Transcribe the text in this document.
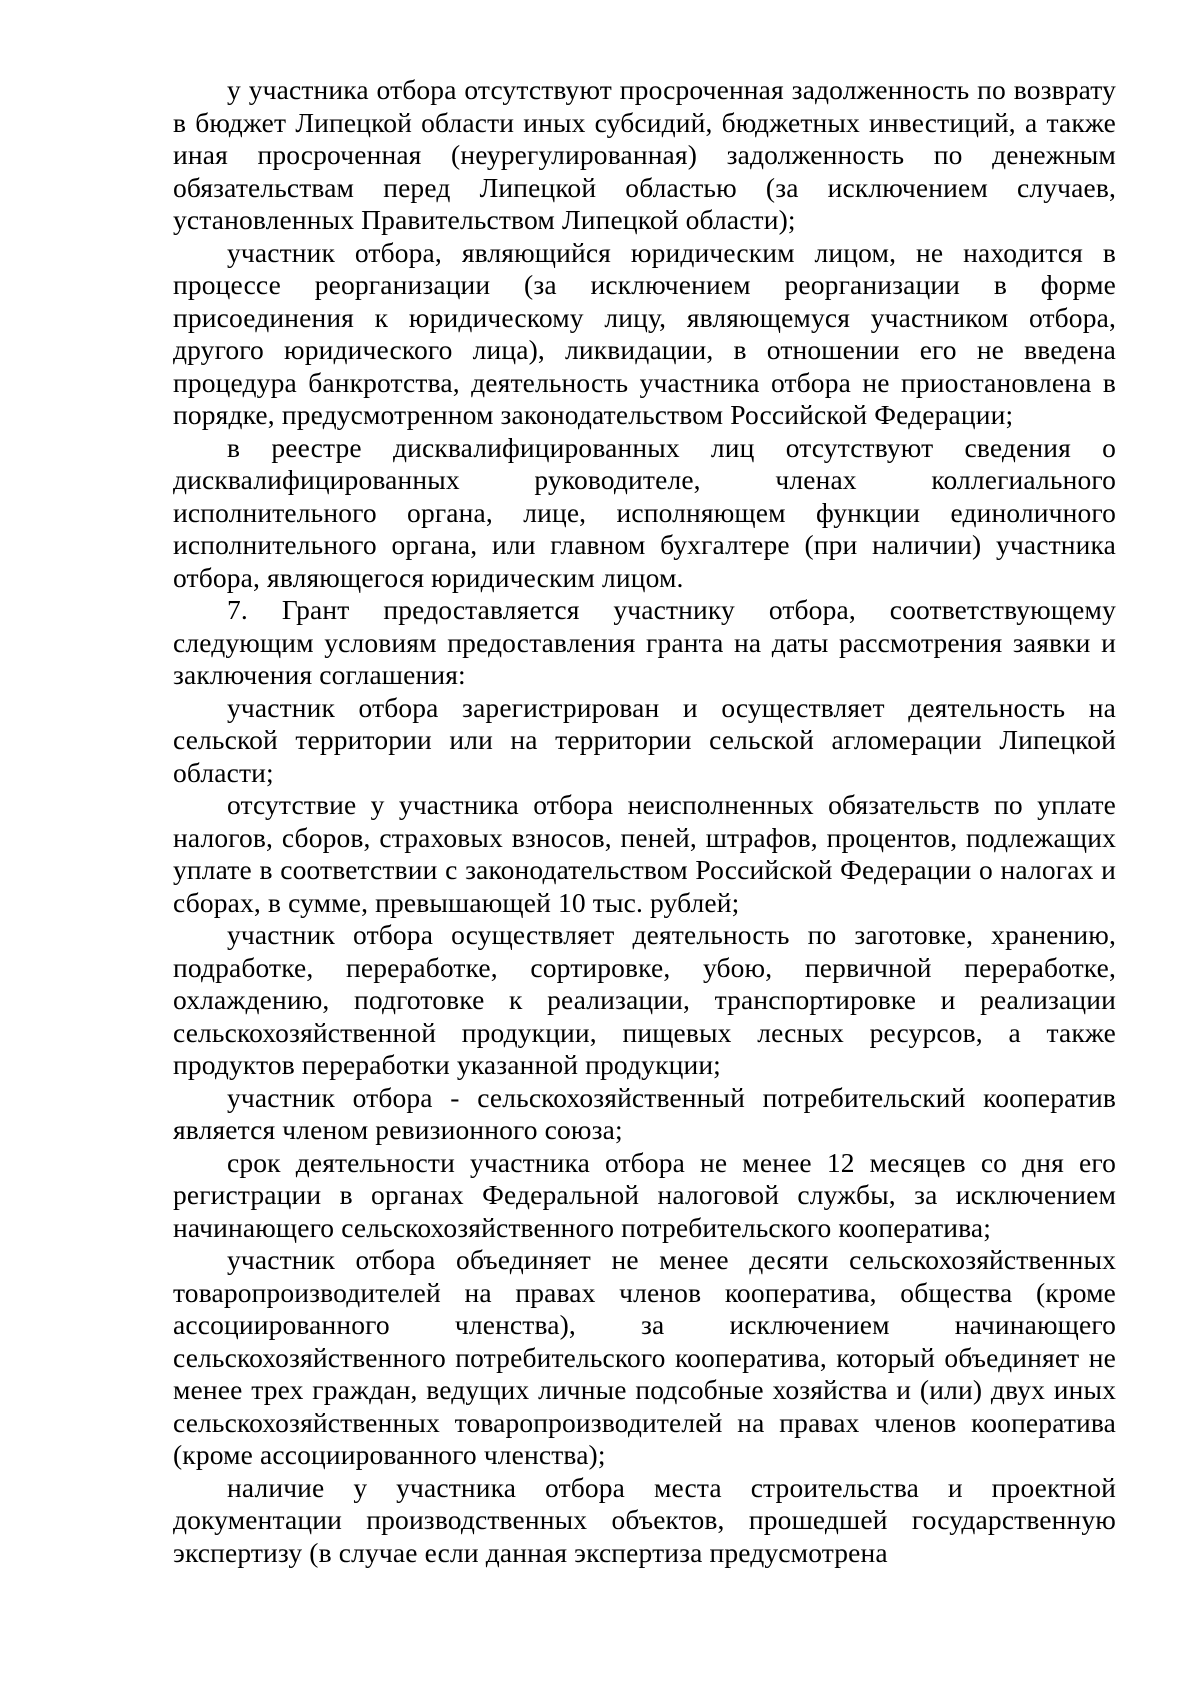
у участника отбора отсутствуют просроченная задолженность по возврату в бюджет Липецкой области иных субсидий, бюджетных инвестиций, а также иная просроченная (неурегулированная) задолженность по денежным обязательствам перед Липецкой областью (за исключением случаев, установленных Правительством Липецкой области);

участник отбора, являющийся юридическим лицом, не находится в процессе реорганизации (за исключением реорганизации в форме присоединения к юридическому лицу, являющемуся участником отбора, другого юридического лица), ликвидации, в отношении его не введена процедура банкротства, деятельность участника отбора не приостановлена в порядке, предусмотренном законодательством Российской Федерации;

в реестре дисквалифицированных лиц отсутствуют сведения о дисквалифицированных руководителе, членах коллегиального исполнительного органа, лице, исполняющем функции единоличного исполнительного органа, или главном бухгалтере (при наличии) участника отбора, являющегося юридическим лицом.

7. Грант предоставляется участнику отбора, соответствующему следующим условиям предоставления гранта на даты рассмотрения заявки и заключения соглашения:

участник отбора зарегистрирован и осуществляет деятельность на сельской территории или на территории сельской агломерации Липецкой области;

отсутствие у участника отбора неисполненных обязательств по уплате налогов, сборов, страховых взносов, пеней, штрафов, процентов, подлежащих уплате в соответствии с законодательством Российской Федерации о налогах и сборах, в сумме, превышающей 10 тыс. рублей;

участник отбора осуществляет деятельность по заготовке, хранению, подработке, переработке, сортировке, убою, первичной переработке, охлаждению, подготовке к реализации, транспортировке и реализации сельскохозяйственной продукции, пищевых лесных ресурсов, а также продуктов переработки указанной продукции;

участник отбора - сельскохозяйственный потребительский кооператив является членом ревизионного союза;

срок деятельности участника отбора не менее 12 месяцев со дня его регистрации в органах Федеральной налоговой службы, за исключением начинающего сельскохозяйственного потребительского кооператива;

участник отбора объединяет не менее десяти сельскохозяйственных товаропроизводителей на правах членов кооператива, общества (кроме ассоциированного членства), за исключением начинающего сельскохозяйственного потребительского кооператива, который объединяет не менее трех граждан, ведущих личные подсобные хозяйства и (или) двух иных сельскохозяйственных товаропроизводителей на правах членов кооператива (кроме ассоциированного членства);

наличие у участника отбора места строительства и проектной документации производственных объектов, прошедшей государственную экспертизу (в случае если данная экспертиза предусмотрена
